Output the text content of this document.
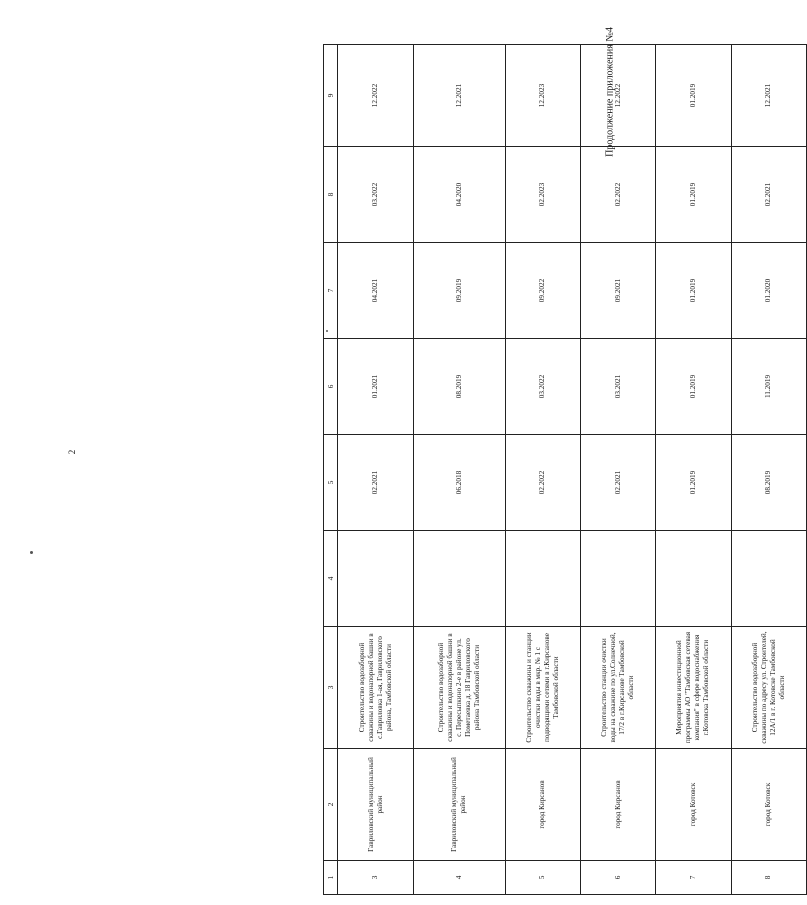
2
Продолжение приложения №4
1	2	3	4	5	6	7	8	9
3	Гавриловский муниципальный район	Строительство водозаборной скважины и водонапорной башни в с.Гавриловка 1-ая, Гавриловского района, Тамбовской области		02.2021	01.2021	04.2021	03.2022	12.2022
4	Гавриловский муниципальный район	Строительство водозаборной скважины и водонапорной башни в с. Пересыпкино 2-е в районе ул. Пометаевка д. 18 Гавриловского района Тамбовской области		06.2018	08.2019	09.2019	04.2020	12.2021
5	город Кирсанов	Строительство скважины и станции очистки воды в мкр. № 1 с подводящими сетями в г.Кирсанове Тамбовской области		02.2022	03.2022	09.2022	02.2023	12.2023
6	город Кирсанов	Строительство станции очистки воды на скважине по ул.Солнечной, 17/2 в г.Кирсанове Тамбовской области		02.2021	03.2021	09.2021	02.2022	12.2022
7	город Котовск	Мероприятия инвестиционной программы АО "Тамбовская сетевая компания" в сфере водоснабжения г.Котовска Тамбовской области		01.2019	01.2019	01.2019	01.2019	01.2019
8	город Котовск	Строительство водозаборной скважины по адресу ул. Строителей, 12А/1 в г. Котовске Тамбовской области		08.2019	11.2019	01.2020	02.2021	12.2021
